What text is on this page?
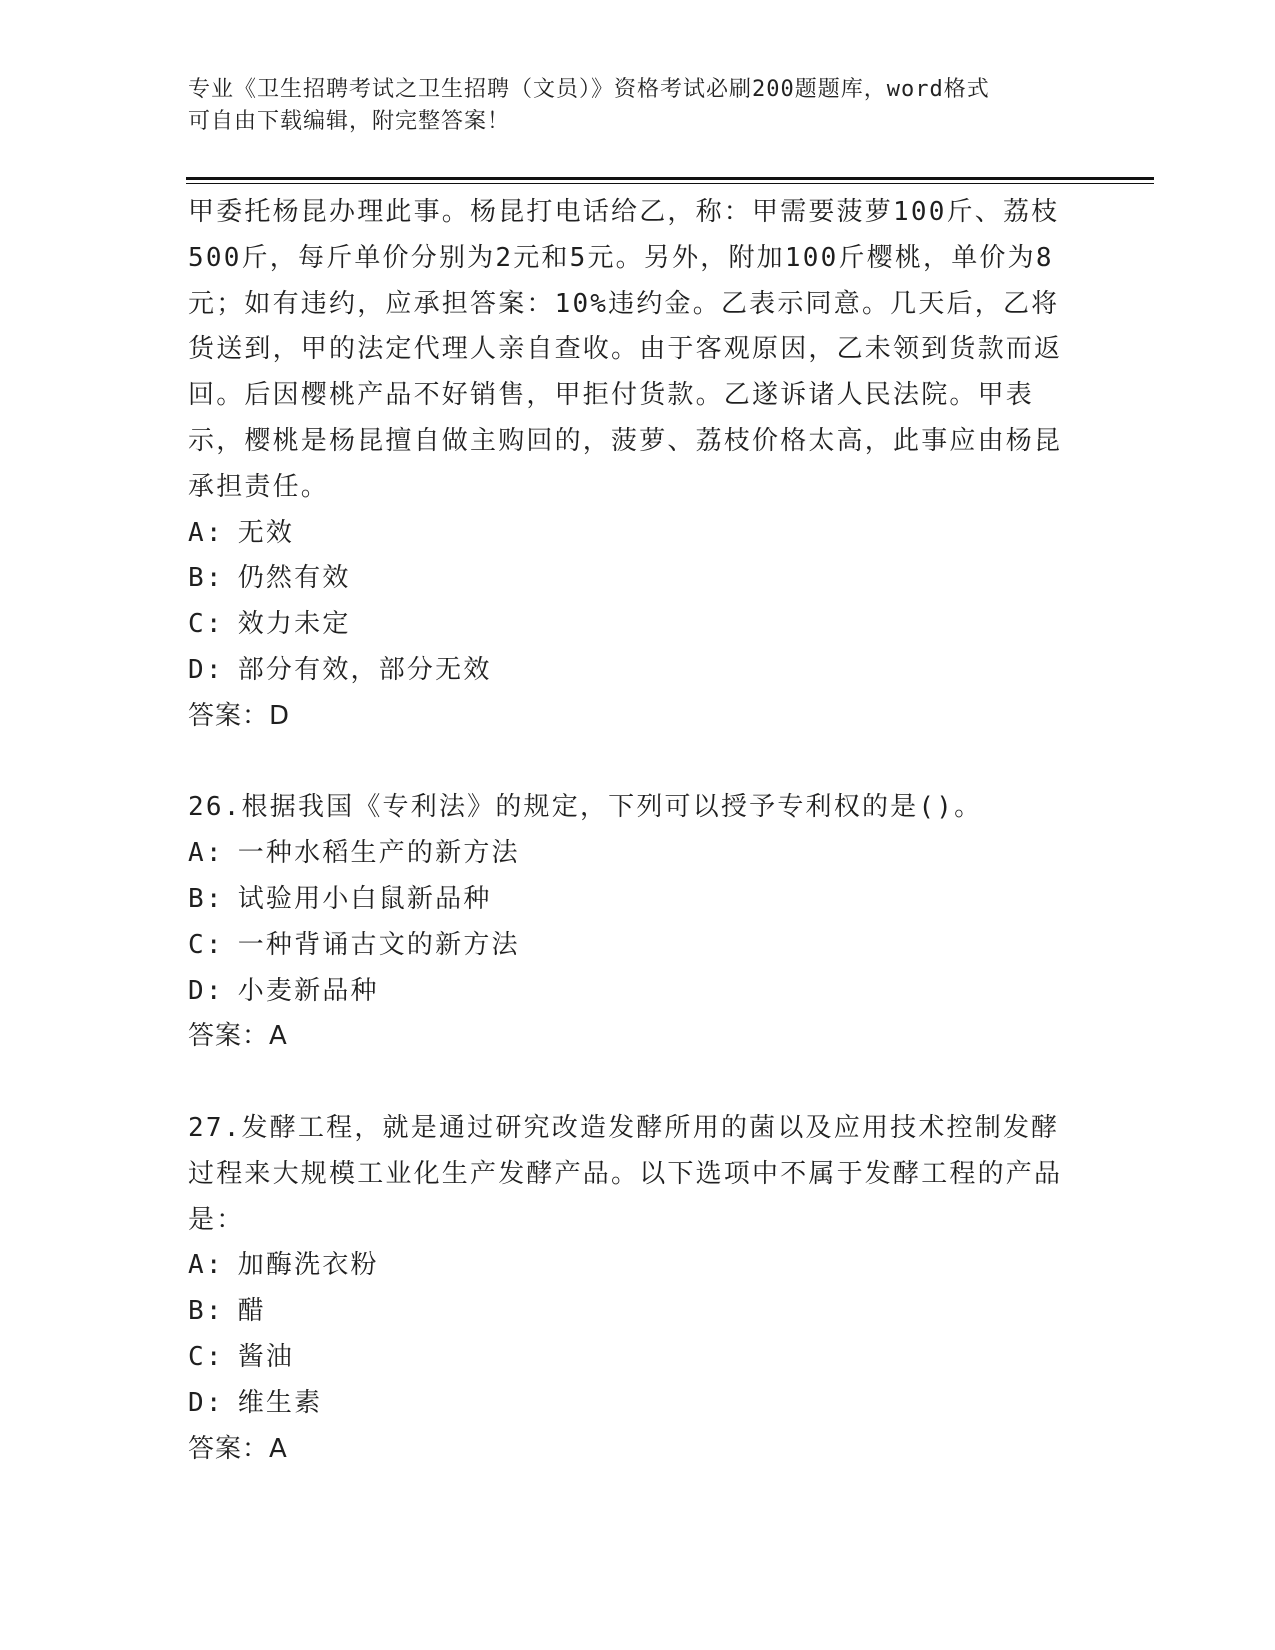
专业《卫生招聘考试之卫生招聘（文员）》资格考试必刷200题题库，word格式
可自由下载编辑，附完整答案！

甲委托杨昆办理此事。杨昆打电话给乙，称：甲需要菠萝100斤、荔枝500斤，每斤单价分别为2元和5元。另外，附加100斤樱桃，单价为8元；如有违约，应承担答案：10%违约金。乙表示同意。几天后，乙将货送到，甲的法定代理人亲自查收。由于客观原因，乙未领到货款而返回。后因樱桃产品不好销售，甲拒付货款。乙遂诉诸人民法院。甲表示，樱桃是杨昆擅自做主购回的，菠萝、荔枝价格太高，此事应由杨昆承担责任。

A: 无效

B: 仍然有效

C: 效力未定

D: 部分有效，部分无效

答案：D

26.根据我国《专利法》的规定，下列可以授予专利权的是()。

A: 一种水稻生产的新方法

B: 试验用小白鼠新品种

C: 一种背诵古文的新方法

D: 小麦新品种

答案：A

27.发酵工程，就是通过研究改造发酵所用的菌以及应用技术控制发酵过程来大规模工业化生产发酵产品。以下选项中不属于发酵工程的产品是：

A: 加酶洗衣粉

B: 醋

C: 酱油

D: 维生素

答案：A
